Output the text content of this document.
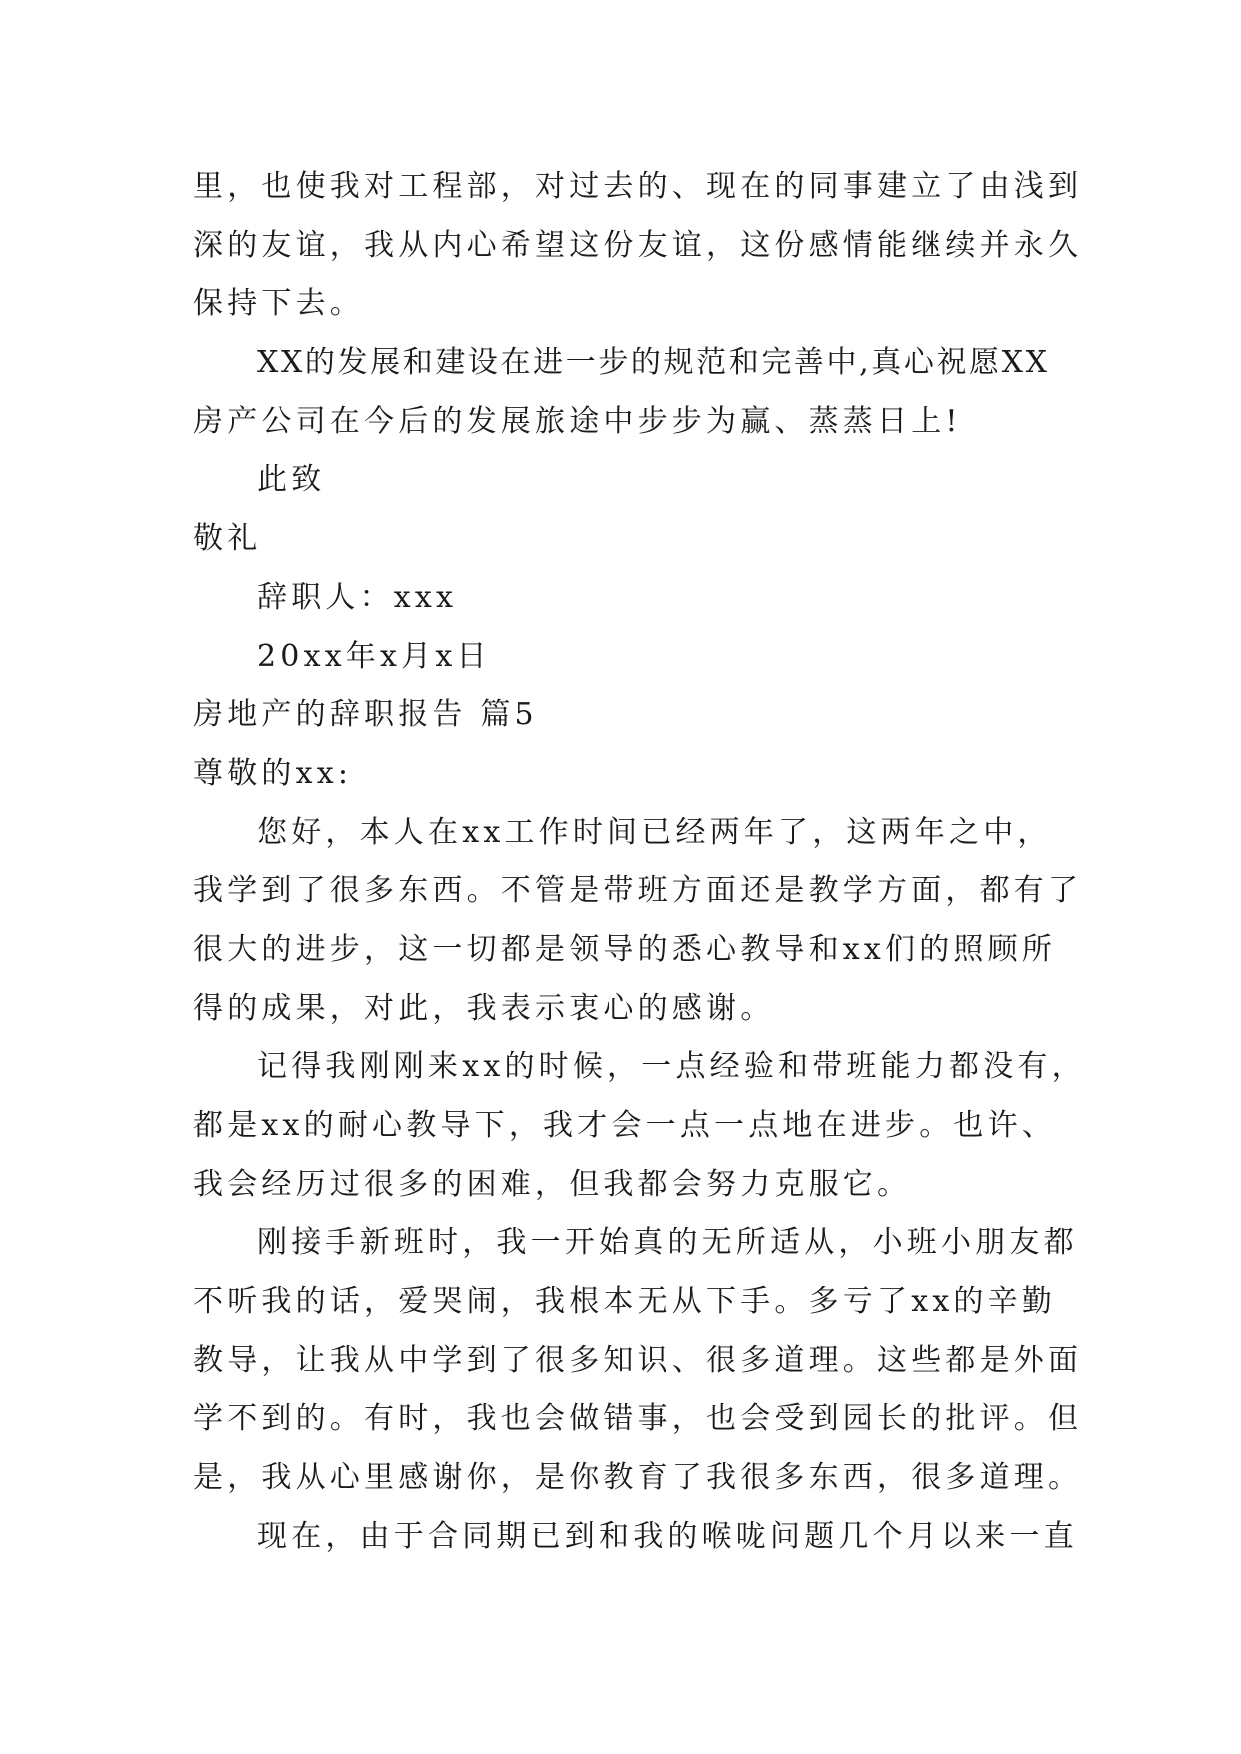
里，也使我对工程部，对过去的、现在的同事建立了由浅到
深的友谊，我从内心希望这份友谊，这份感情能继续并永久
保持下去。
XX的发展和建设在进一步的规范和完善中,真心祝愿XX
房产公司在今后的发展旅途中步步为赢、蒸蒸日上!
此致
敬礼
辞职人：xxx
20xx年x月x日
房地产的辞职报告 篇5
尊敬的xx:
您好，本人在xx工作时间已经两年了，这两年之中，
我学到了很多东西。不管是带班方面还是教学方面，都有了
很大的进步，这一切都是领导的悉心教导和xx们的照顾所
得的成果，对此，我表示衷心的感谢。
记得我刚刚来xx的时候，一点经验和带班能力都没有，
都是xx的耐心教导下，我才会一点一点地在进步。也许、
我会经历过很多的困难，但我都会努力克服它。
刚接手新班时，我一开始真的无所适从，小班小朋友都
不听我的话，爱哭闹，我根本无从下手。多亏了xx的辛勤
教导，让我从中学到了很多知识、很多道理。这些都是外面
学不到的。有时，我也会做错事，也会受到园长的批评。但
是，我从心里感谢你，是你教育了我很多东西，很多道理。
现在，由于合同期已到和我的喉咙问题几个月以来一直
